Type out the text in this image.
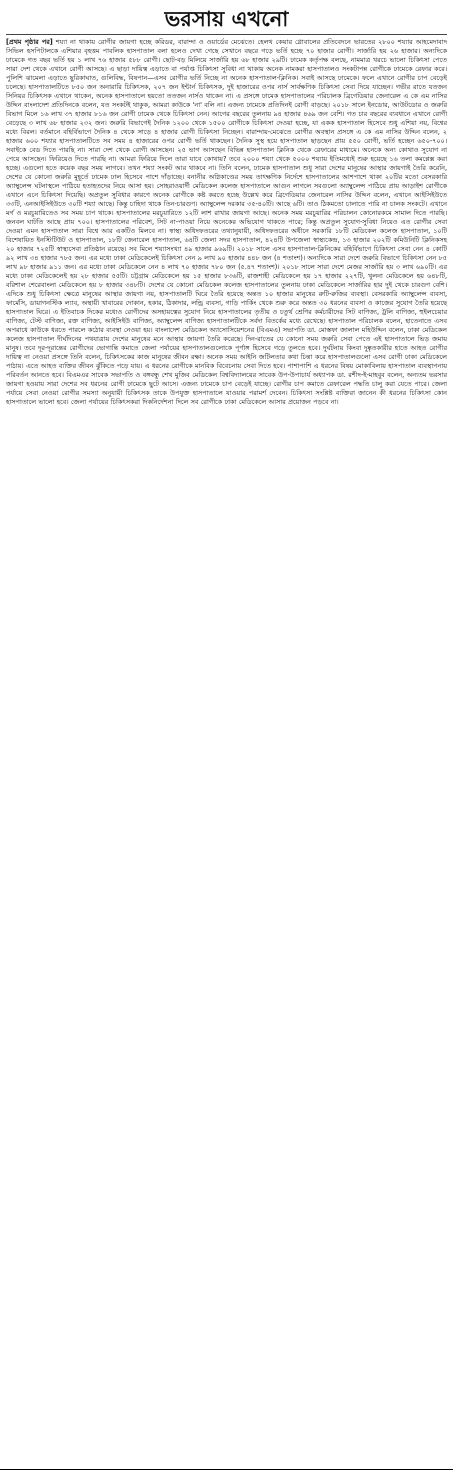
ভরসায় এখনো

[প্রথম পৃষ্ঠার পর] শয্যা না থাকায় রোগীর জায়গা হচ্ছে করিডর, বারান্দা ও ওয়ার্ডের মেঝেতে। হেলথ কেয়ার গ্লোবালের প্রতিবেদনে ভারতের ২৮০০ শয্যার আহমেদাবাদ সিভিল হসপিটালকে এশিয়ার বৃহত্তম পাবলিক হাসপাতাল বলা হলেও দেখা গেছে সেখানে বছরে গড়ে ভর্তি হচ্ছে ৭০ হাজার রোগী। সার্জারি হয় ২৬ হাজার। অন্যদিকে ঢামেকে গত বছর ভর্তি হয় ১ লাখ ৭৬ হাজার ৫৮৮ রোগী। ছোট-বড় মিলিয়ে সার্জারি হয় ৬৮ হাজার ২৯টি। ঢামেক কর্তৃপক্ষ বলছে, নামমাত্র খরচে ভালো চিকিৎসা পেতে সারা দেশ থেকে এখানে রোগী আসছে। এ ছাড়া দায়িত্ব এড়াতে বা পর্যাপ্ত চিকিৎসা সুবিধা না থাকায় অনেক নামকরা হাসপাতালও সংকটাপন্ন রোগীকে ঢামেকে রেফার করে। পুলিশি ঝামেলা এড়াতে ছুরিকাঘাত, গুলিবিদ্ধ, বিষপান—এসব রোগীর ভর্তি নিচ্ছে না অনেক হাসপাতাল-ক্লিনিক। সবাই আসছে ঢামেকে। ফলে এখানে রোগীর চাপ বেড়েই চলেছে। হাসপাতালটিতে ৮৫০ জন অনারারি চিকিৎসক, ২০৭ জন ইন্টার্ন চিকিৎসক, দুই হাজারের ওপর নার্স সার্বক্ষণিক চিকিৎসা সেবা দিয়ে যাচ্ছেন। গভীর রাতে যতজন সিনিয়র চিকিৎসক এখানে থাকেন, অনেক হাসপাতালে হয়তো ততজন নার্সও থাকেন না। এ প্রসঙ্গে ঢামেক হাসপাতালের পরিচালক ব্রিগেডিয়ার জেনারেল এ কে এম নাসির উদ্দিন বাংলাদেশ প্রতিদিনকে বলেন, যত সংকটই থাকুক, আমরা কাউকে 'না' বলি না। এজন্য ঢামেকে প্রতিদিনই রোগী বাড়ছে। ২০১৮ সালে ইনডোর, আউটডোর ও জরুরি বিভাগ মিলে ১৬ লাখ ৩৭ হাজার ৮১৬ জন রোগী ঢামেক থেকে চিকিৎসা নেন। আগের বছরের তুলনায় ৯৪ হাজার ৪৬৯ জন বেশি। গত চার বছরের ব্যবধানে এখানে রোগী বেড়েছে ৩ লাখ ৬৮ হাজার ২৩২ জন। জরুরি বিভাগেই দৈনিক ১২০০ থেকে ১৫০০ রোগীকে চিকিৎসা দেওয়া হচ্ছে, যা একক হাসপাতাল হিসেবে শুধু এশিয়া নয়, বিশ্বের মধ্যে বিরল। বর্তমানে বহির্বিভাগে দৈনিক ৪ থেকে সাড়ে ৪ হাজার রোগী চিকিৎসা নিচ্ছেন। বারান্দায়-মেঝেতে রোগীর অবস্থান প্রসঙ্গে এ কে এম নাসির উদ্দিন বলেন, ২ হাজার ৬০০ শয্যার হাসপাতালটিতে সব সময় ৪ হাজারের ওপর রোগী ভর্তি থাকছেন। দৈনিক সুস্থ হয়ে হাসপাতাল ছাড়ছেন প্রায় ৫৫০ রোগী, ভর্তি হচ্ছেন ৬৫০-৭০০। সবাইকে বেড দিতে পারছি না। সারা দেশ থেকে রোগী আসছেন। ২৫ ভাগ আসছেন বিভিন্ন হাসপাতাল ক্লিনিক থেকে রেফারের মাধ্যমে। অনেকে অন্য কোথাও সুযোগ না পেয়ে আসছেন। ফিরিয়েও দিতে পারছি না। আমরা ফিরিয়ে দিলে তারা যাবে কোথায়? তবে ২০০০ শয্যা থেকে ৫০০০ শয্যায় ইতিমধ্যেই শুরু হয়েছে ১৬ তলা কমপ্লেক্স করা হচ্ছে। এগুলো হতে কয়েক বছর সময় লাগবে। তখন শয্যা সংকট আর থাকবে না। তিনি বলেন, ঢামেক হাসপাতাল শুধু সারা দেশের মানুষের আস্থার জায়গাই তৈরি করেনি, দেশের যে কোনো জরুরি মুহূর্তে ঢামেক ঢাল হিসেবে পাশে দাঁড়াচ্ছে। বনানীর অগ্নিকাণ্ডের সময় তাৎক্ষণিক নির্দেশে হাসপাতালের আশপাশে থাকা ২০টির মতো বেসরকারি অ্যাম্বুলেন্স ঘটনাস্থলে পাঠিয়ে হতাহতদের নিয়ে আসা হয়। সোহরাওয়ার্দী মেডিকেল কলেজ হাসপাতালে আগুন লাগলে সবগুলো অ্যাম্বুলেন্স পাঠিয়ে প্রায় আড়াইশ রোগীকে এখানে এনে চিকিৎসা দিয়েছি। অপ্রতুল সুবিধার কারণে অনেক রোগীকে কষ্ট করতে হচ্ছে উল্লেখ করে ব্রিগেডিয়ার জেনারেল নাসির উদ্দিন বলেন, এখানে আইসিইউতে ৩৩টি, এনআইসিইউতে ৩০টি শয্যা আছে। কিন্তু চাহিদা থাকে তিন-চারগুণ। অ্যাম্বুলেন্স দরকার ৩৫-৪০টি। আছে ৬টি। তাও ঠিকমতো চালাতে পারি না চালক সংকটে। এখানে মর্গ ও মরচুয়ারিতেও সব সময় চাপ থাকে। হাসপাতালের মরচুয়ারিতে ১২টি লাশ রাখার জায়গা আছে। অনেক সময় মরচুয়ারির পরিচালন কোনোরকমে সামাল দিতে পারছি। জনবল ঘাটতি আছে প্রায় ৭০০। হাসপাতালের পরিবেশ, সিট না-পাওয়া নিয়ে অনেকের অভিযোগ থাকতে পারে; কিন্তু অপ্রতুল সুযোগ-সুবিধা নিয়েও এত রোগীর সেবা দেওয়া এমন হাসপাতাল সারা বিশ্বে আর একটিও মিলবে না। স্বাস্থ্য অধিদফতরের তথ্যানুযায়ী, অধিদফতরের অধীনে সরকারি ১৮টি মেডিকেল কলেজ হাসপাতাল, ১০টি বিশেষায়িত ইনস্টিটিউট ও হাসপাতাল, ১৮টি জেনারেল হাসপাতাল, ৬৪টি জেলা সদর হাসপাতাল, ৪২৪টি উপজেলা স্বাস্থ্যকেন্দ্র, ১৩ হাজার ২০২টি কমিউনিটি ক্লিনিকসহ ২০ হাজার ৭২৫টি স্বাস্থ্যসেবা প্রতিষ্ঠান রয়েছে। সব মিলে শয্যাসংখ্যা ৪৯ হাজার ৯৬৯টি। ২০১৮ সালে এসব হাসপাতাল-ক্লিনিকের বহির্বিভাগে চিকিৎসা সেবা নেন ৪ কোটি ৯২ লাখ ৩৪ হাজার ৭৮৫ জন। এর মধ্যে ঢাকা মেডিকেলেই চিকিৎসা নেন ৯ লাখ ৯০ হাজার ৪৪৮ জন (৪ শতাংশ)। অন্যদিকে সারা দেশে জরুরি বিভাগে চিকিৎসা নেন ৮৫ লাখ ৯৮ হাজার ৯১১ জন। এর মধ্যে ঢাকা মেডিকেলে নেন ৪ লাখ ৭০ হাজার ৭৮০ জন (৫.৪৭ শতাংশ)। ২০১৮ সালে সারা দেশে মেজর সার্জারি হয় ৩ লাখ ৬৯০টি। এর মধ্যে ঢাকা মেডিকেলেই হয় ২৮ হাজার ৫৫টি। চট্টগ্রাম মেডিকেলে হয় ১৫ হাজার ৮৩৬টি, রাজশাহী মেডিকেলে হয় ১৭ হাজার ২২৭টি, খুলনা মেডিকেলে হয় ৬৪৮টি, বরিশাল শেরেবাংলা মেডিকেলে হয় ৮ হাজার ৩৪৮টি। দেশের যে কোনো মেডিকেল কলেজ হাসপাতালের তুলনায় ঢাকা মেডিকেলে সার্জারির হার দুই থেকে চারগুণ বেশি। এদিকে শুধু চিকিৎসা ক্ষেত্রে মানুষের আস্থার জায়গা নয়, হাসপাতালটি ঘিরে তৈরি হয়েছে অন্তত ১০ হাজার মানুষের রুটি-রুজির ব্যবস্থা। বেসরকারি অ্যাম্বুলেন্স ব্যবসা, ফার্মেসি, ডায়াগনস্টিক ল্যাব, অস্থায়ী খাবারের দোকান, হকার, ঠিকাদার, লন্ড্রি ব্যবসা, গাড়ি পার্কিং থেকে শুরু করে অন্তত ৩০ ধরনের ব্যবসা ও কাজের সুযোগ তৈরি হয়েছে হাসপাতাল ঘিরে। এ ইতিবাচক দিকের মধ্যেও রোগীদের অসহায়ত্বের সুযোগ নিয়ে হাসপাতালের তৃতীয় ও চতুর্থ শ্রেণির কর্মচারীদের সিট বাণিজ্য, ট্রলি বাণিজ্য, হুইলচেয়ার বাণিজ্য, টেস্ট বাণিজ্য, রক্ত বাণিজ্য, আইসিইউ বাণিজ্য, অ্যাম্বুলেন্স বাণিজ্য হাসপাতালটিকে সর্বদা বিতর্কের মধ্যে রেখেছে। হাসপাতাল পরিচালক বলেন, হাতেনাতে এসব অপরাধে কাউকে ধরতে পারলে কঠোর ব্যবস্থা নেওয়া হয়। বাংলাদেশ মেডিকেল অ্যাসোসিয়েশনের (বিএমএ) সভাপতি ডা. মোস্তফা জালাল মহিউদ্দিন বলেন, ঢাকা মেডিকেল কলেজ হাসপাতাল দীর্ঘদিনের পথযাত্রায় দেশের মানুষের মনে আস্থার জায়গা তৈরি করেছে। দিন-রাতের যে কোনো সময় জরুরি সেবা পেতে এই হাসপাতালে ভিড় জমায় মানুষ। তবে দূর-দূরান্তের রোগীদের ভোগান্তি কমাতে জেলা পর্যায়ের হাসপাতালগুলোকে পূর্ণাঙ্গ হিসেবে গড়ে তুলতে হবে। দুর্ঘটনায় কিংবা দুষ্কৃতকারীর হাতে আহত রোগীর দায়িত্ব না নেওয়া প্রসঙ্গে তিনি বলেন, চিকিৎসকের কাজ মানুষের জীবন রক্ষা। অনেক সময় আইনি জটিলতার কথা চিন্তা করে হাসপাতালগুলো এসব রোগী ঢাকা মেডিকেলে পাঠায়। এতে আহত ব্যক্তির জীবন ঝুঁকিতে পড়ে যায়। এ ধরনের রোগীকে মানবিক বিবেচনায় সেবা দিতে হবে। পাশাপাশি এ ধরনের বিষয় মোকাবিলায় হাসপাতাল ব্যবস্থাপনায় পরিবর্তন আনতে হবে। বিএমএর সাবেক সভাপতি ও বঙ্গবন্ধু শেখ মুজিব মেডিকেল বিশ্ববিদ্যালয়ের সাবেক উপ-উপাচার্য অধ্যাপক ডা. রশীদ-ই-মাহবুব বলেন, অন্যতম ভরসার জায়গা হওয়ায় সারা দেশের সব ধরনের রোগী ঢামেকে ছুটে আসে। এজন্য ঢামেকে চাপ বেড়েই যাচ্ছে। রোগীর চাপ কমাতে রেফারেল পদ্ধতি চালু করা যেতে পারে। জেলা পর্যায়ে সেবা নেওয়া রোগীর সমস্যা অনুযায়ী চিকিৎসক তাকে উপযুক্ত হাসপাতালে যাওয়ার পরামর্শ দেবেন। চিকিৎসা সংশ্লিষ্ট ব্যক্তিরা জানেন কী ধরনের চিকিৎসা কোন হাসপাতালে ভালো হবে। জেলা পর্যায়ের চিকিৎসকরা দিকনির্দেশনা দিলে সব রোগীকে ঢাকা মেডিকেলে আসার প্রয়োজন পড়বে না।
